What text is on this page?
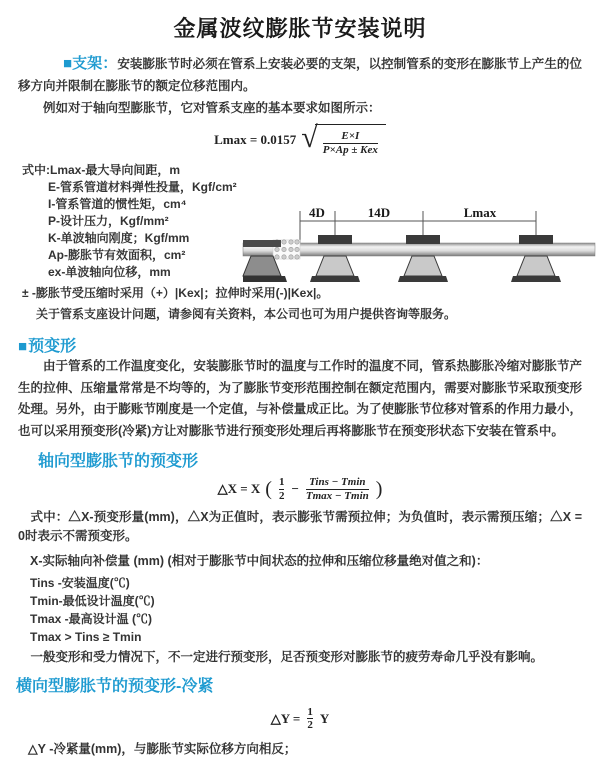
金属波纹膨胀节安装说明

■支架：安装膨胀节时必须在管系上安装必要的支架，以控制管系的变形在膨胀节上产生的位移方向并限制在膨胀节的额定位移范围内。

例如对于轴向型膨胀节，它对管系支座的基本要求如图所示：

Lmax = 0.0157 √ $\frac{E\times I}{\text{P×Ap ± Kex}}$
式中:Lmax-最大导向间距，m
E-管系管道材料弹性投量，Kgf/cm²
I-管系管道的惯性矩，cm⁴
P-设计压力，Kgf/mm²
K-单波轴向刚度；Kgf/mm
Ap-膨胀节有效面积，cm²
ex-单波轴向位移，mm
± -膨胀节受压缩时采用（+）|Kex|；拉伸时采用(-)|Kex|。
关于管系支座设计问题，请参阅有关资料，本公司也可为用户提供咨询等服务。
4D	14D	Lmax
■预变形

由于管系的工作温度变化，安装膨胀节时的温度与工作时的温度不同，管系热膨胀冷缩对膨胀节产生的拉伸、压缩量常常是不均等的，为了膨胀节变形范围控制在额定范围内，需要对膨胀节采取预变形处理。另外，由于膨账节刚度是一个定值，与补偿量成正比。为了使膨胀节位移对管系的作用力最小，也可以采用预变形(冷紧)方让对膨胀节进行预变形处理后再将膨胀节在预变形状态下安装在管系中。

轴向型膨胀节的预变形
△X = X ( $\frac{1}{2} - \frac{\text{Tins − Tmin}}{Tmax - Tmin}$ )

式中：△X-预变形量(mm)，△X为正值时，表示膨张节需预拉伸；为负值时，表示需预压缩；△X = 0时表示不需预变形。

X-实际轴向补偿量 (mm) (相对于膨胀节中间状态的拉伸和压缩位移量绝对值之和)：

Tins -安装温度(℃)
Tmin-最低设计温度(℃)
Tmax -最高设计温 (℃)
Tmax > Tins ≥ Tmin

一般变形和受力情况下，不一定进行预变形，足否预变形对膨胀节的疲劳寿命几乎没有影响。

横向型膨胀节的预变形-冷紧
△Y = $\frac{1}{2}$ Y

△Y -冷紧量(mm)，与膨胀节实际位移方向相反；
